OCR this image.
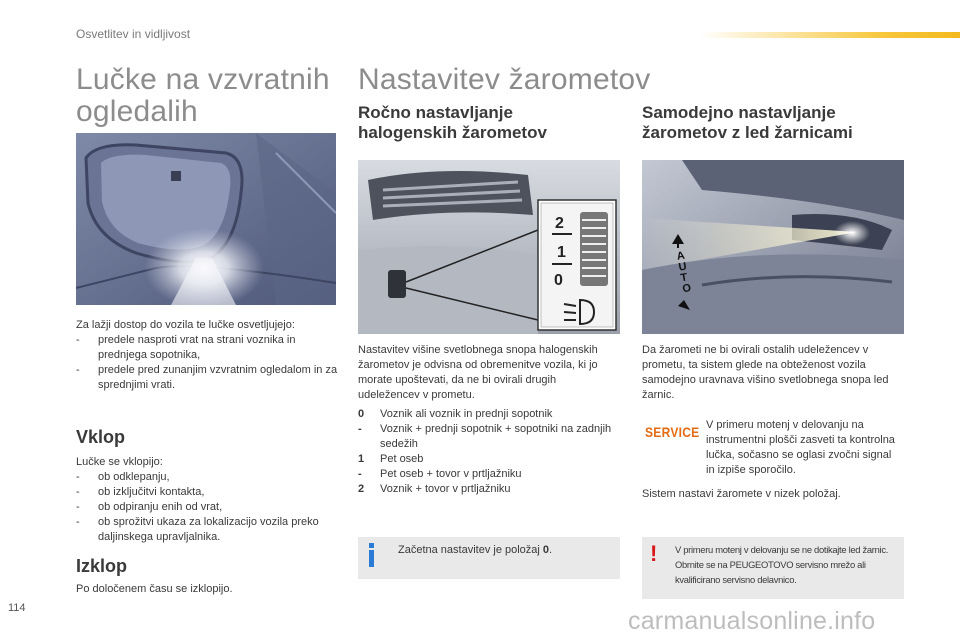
Osvetlitev in vidljivost
Lučke na vzvratnih
ogledalih
Za lažji dostop do vozila te lučke osvetljujejo:
-	predele nasproti vrat na strani voznika in prednjega sopotnika,
-	predele pred zunanjim vzvratnim ogledalom in za sprednjimi vrati.
Vklop
Lučke se vklopijo:
-	ob odklepanju,
-	ob izključitvi kontakta,
-	ob odpiranju enih od vrat,
-	ob sprožitvi ukaza za lokalizacijo vozila preko daljinskega upravljalnika.
Izklop
Po določenem času se izklopijo.
Nastavitev žarometov
Ročno nastavljanje
halogenskih žarometov
2
1
0
Nastavitev višine svetlobnega snopa halogenskih žarometov je odvisna od obremenitve vozila, ki jo morate upoštevati, da ne bi ovirali drugih udeležencev v prometu.
0	Voznik ali voznik in prednji sopotnik
-	Voznik + prednji sopotnik + sopotniki na zadnjih sedežih
1	Pet oseb
-	Pet oseb + tovor v prtljažniku
2	Voznik + tovor v prtljažniku
Začetna nastavitev je položaj 0.
Samodejno nastavljanje
žarometov z led žarnicami
AUTO
Da žarometi ne bi ovirali ostalih udeležencev v prometu, ta sistem glede na obteženost vozila samodejno uravnava višino svetlobnega snopa led žarnic.
SERVICE V primeru motenj v delovanju na instrumentni plošči zasveti ta kontrolna lučka, sočasno se oglasi zvočni signal in izpiše sporočilo.
Sistem nastavi žaromete v nizek položaj.
! V primeru motenj v delovanju se ne dotikajte led žarnic. Obrnite se na PEUGEOTOVO servisno mrežo ali kvalificirano servisno delavnico.
114	carmanualsonline.info
